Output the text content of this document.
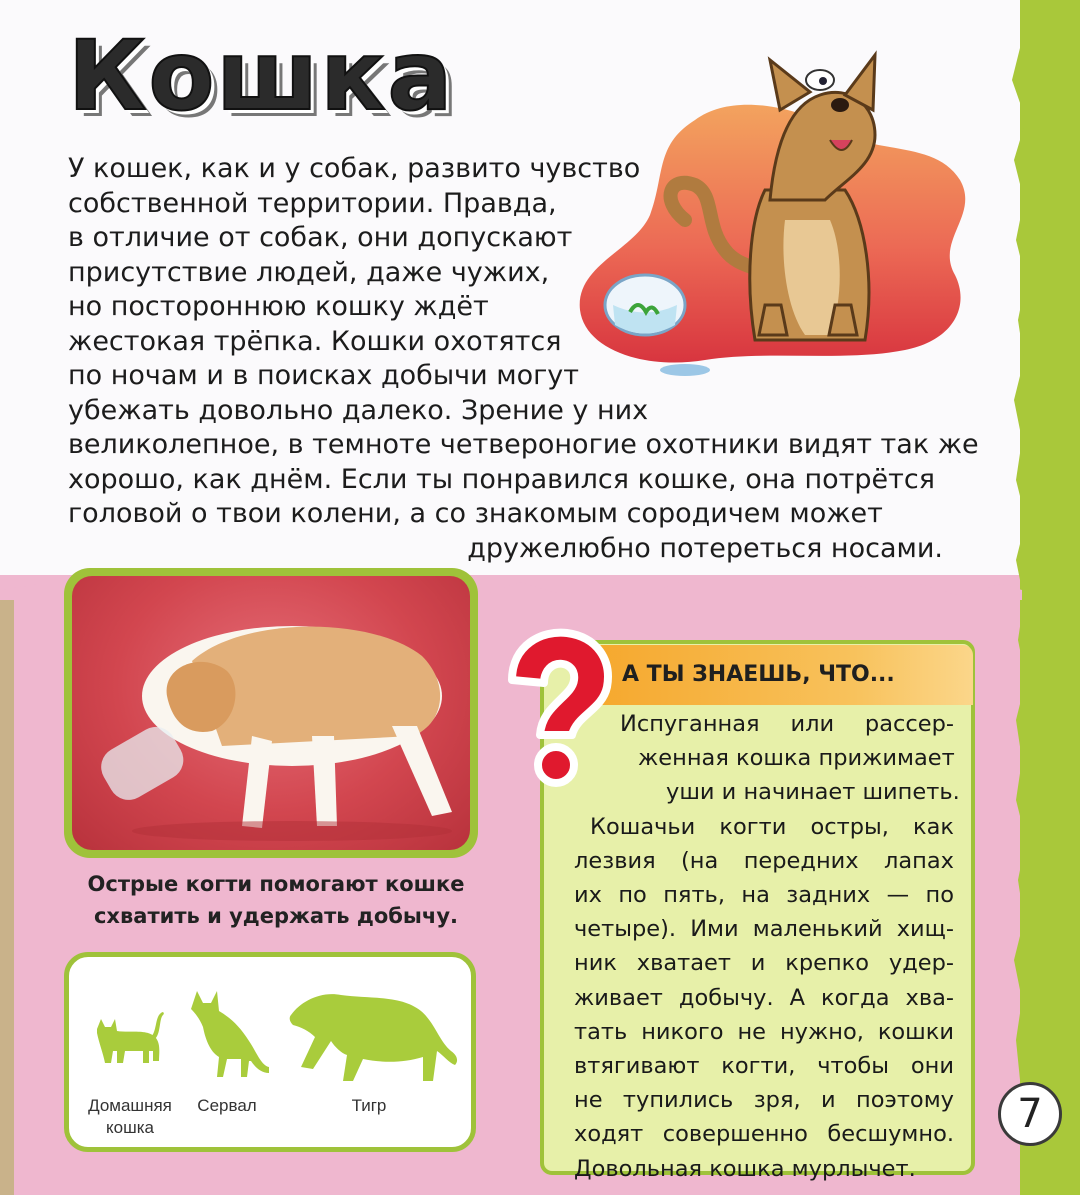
Кошка
У кошек, как и у собак, развито чувство
собственной территории. Правда,
в отличие от собак, они допускают
присутствие людей, даже чужих,
но постороннюю кошку ждёт
жестокая трёпка. Кошки охотятся
по ночам и в поисках добычи могут
убежать довольно далеко. Зрение у них
великолепное, в темноте четвероногие охотники видят так же
хорошо, как днём. Если ты понравился кошке, она потрётся
головой о твои колени, а со знакомым сородичем может
дружелюбно потереться носами.
Острые когти помогают кошке
схватить и удержать добычу.
Домашняя
кошка
Сервал	Тигр
А ТЫ ЗНАЕШЬ, ЧТО...
Испуганная или рассер-
женная кошка прижимает
уши и начинает шипеть.
Кошачьи когти остры, как
лезвия (на передних лапах
их по пять, на задних — по
четыре). Ими маленький хищ-
ник хватает и крепко удер-
живает добычу. А когда хва-
тать никого не нужно, кошки
втягивают когти, чтобы они
не тупились зря, и поэтому
ходят совершенно бесшумно.
Довольная кошка мурлычет.
7
